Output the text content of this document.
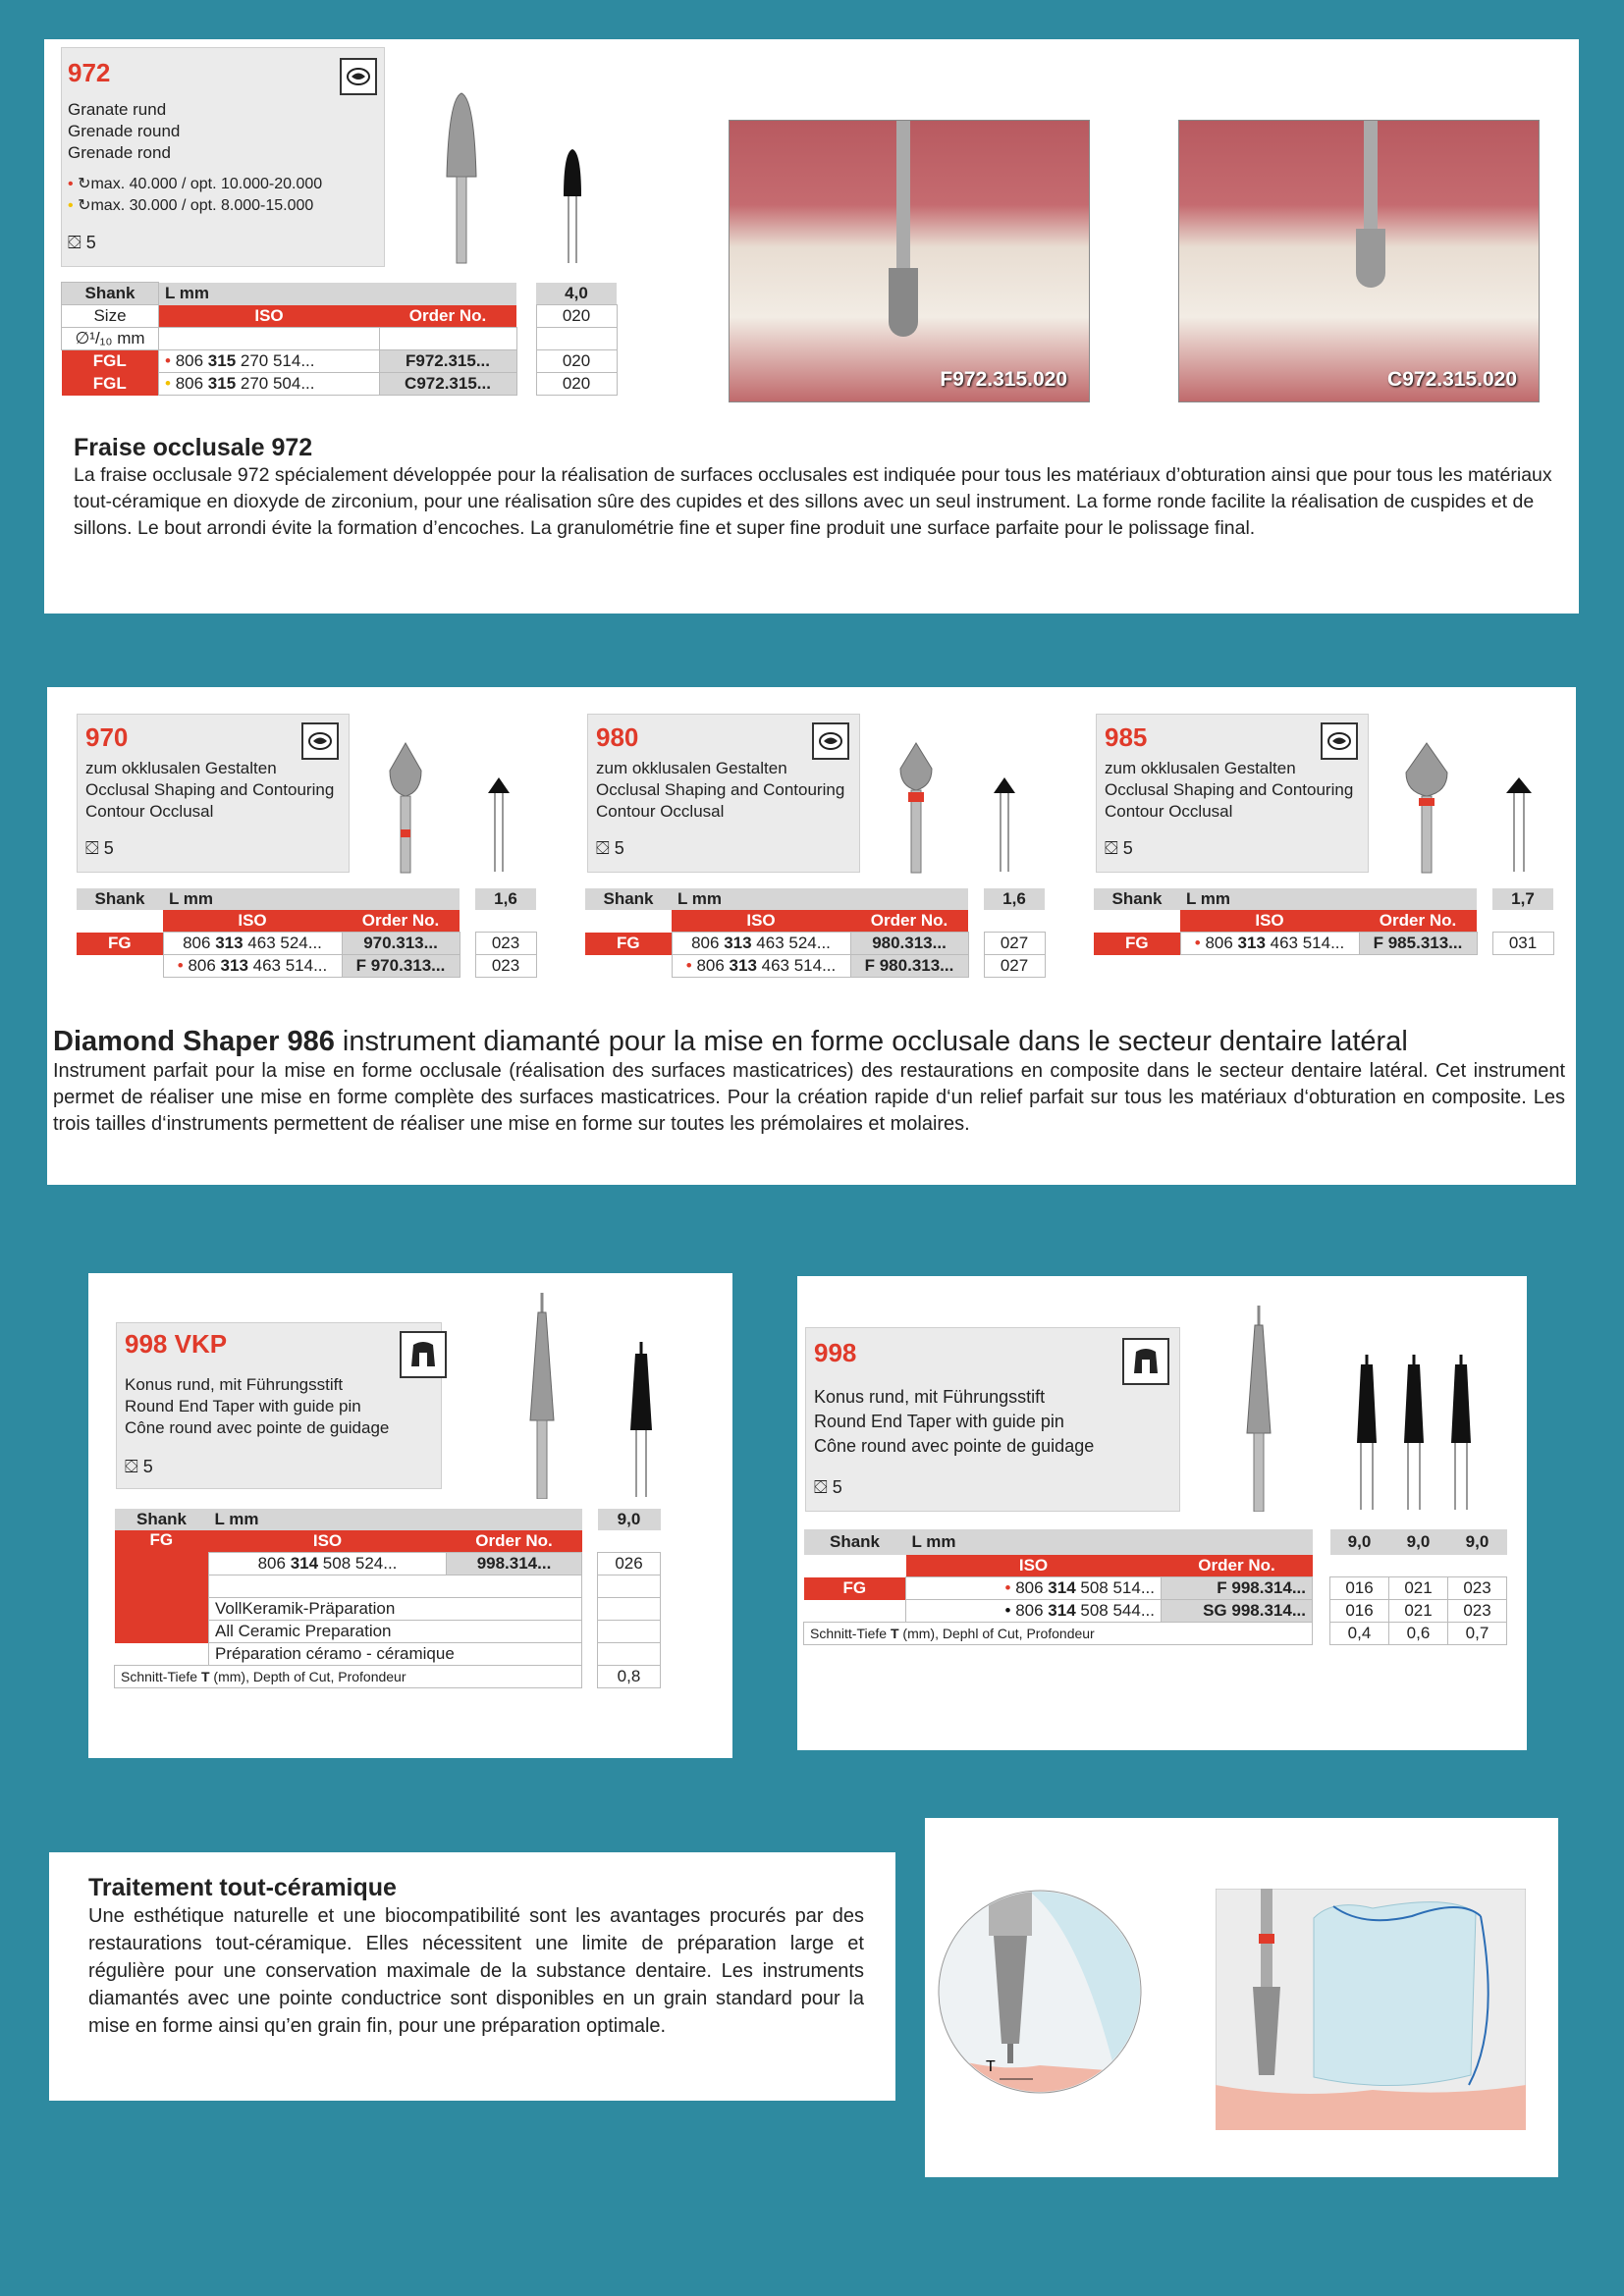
972
Granate rund
Grenade round
Grenade rond
• ↻max. 40.000 / opt. 10.000-20.000
• ↻max. 30.000 / opt. 8.000-15.000
⛋ 5
Shank	L mm			4,0
Size	ISO	Order No.		020
∅¹/₁₀ mm				
FGL	• 806 315 270 514...	F972.315...		020
FGL	• 806 315 270 504...	C972.315...		020	F972.315.020	C972.315.020
Fraise occlusale 972
La fraise occlusale 972 spécialement développée pour la réalisation de surfaces occlusales est indiquée pour tous les matériaux d’obturation ainsi que pour tous les matériaux tout-céramique en dioxyde de zirconium, pour une réalisation sûre des cupides et des sillons avec un seul instrument. La forme ronde facilite la réalisation de cuspides et de sillons. Le bout arrondi évite la formation d’encoches. La granulométrie fine et super fine produit une surface parfaite pour le polissage final.
970
zum okklusalen Gestalten
Occlusal Shaping and Contouring
Contour Occlusal
⛋ 5
Shank	L mm			1,6
	ISO	Order No.		
FG	806 313 463 524...	970.313...		023
	• 806 313 463 514...	F 970.313...		023
980
zum okklusalen Gestalten
Occlusal Shaping and Contouring
Contour Occlusal
⛋ 5
Shank	L mm			1,6
	ISO	Order No.		
FG	806 313 463 524...	980.313...		027
	• 806 313 463 514...	F 980.313...		027
985
zum okklusalen Gestalten
Occlusal Shaping and Contouring
Contour Occlusal
⛋ 5
Shank	L mm			1,7
	ISO	Order No.		
FG	• 806 313 463 514...	F 985.313...		031
Diamond Shaper 986 instrument diamanté pour la mise en forme occlusale dans le secteur dentaire latéral
Instrument parfait pour la mise en forme occlusale (réalisation des surfaces masticatrices) des restaurations en composite dans le secteur dentaire latéral. Cet instrument permet de réaliser une mise en forme complète des surfaces masticatrices. Pour la création rapide d‘un relief parfait sur tous les matériaux d‘obturation en composite. Les trois tailles d‘instruments permettent de réaliser une mise en forme sur toutes les prémolaires et molaires.
998 VKP
Konus rund, mit Führungsstift
Round End Taper with guide pin
Cône round avec pointe de guidage
⛋ 5
Shank	L mm			9,0
FG	ISO	Order No.		
	806 314 508 524...	998.314...		026

	VollKeramik-Präparation			
	All Ceramic Preparation			
	Préparation céramo - céramique			
Schnitt-Tiefe T (mm), Depth of Cut, Profondeur				0,8
998
Konus rund, mit Führungsstift
Round End Taper with guide pin
Cône round avec pointe de guidage
⛋ 5
Shank	L mm			9,0	9,0	9,0
	ISO	Order No.				
FG	• 806 314 508 514...	F 998.314...		016	021	023
	• 806 314 508 544...	SG 998.314...		016	021	023
Schnitt-Tiefe T (mm), Dephl of Cut, Profondeur				0,4	0,6	0,7
Traitement tout-céramique
Une esthétique naturelle et une biocompatibilité sont les avantages procurés par des restaurations tout-céramique. Elles nécessitent une limite de préparation large et régulière pour une conservation maximale de la substance dentaire. Les instruments diamantés avec une pointe conductrice sont disponibles en un grain standard pour la mise en forme ainsi qu’en grain fin, pour une préparation optimale.
T
